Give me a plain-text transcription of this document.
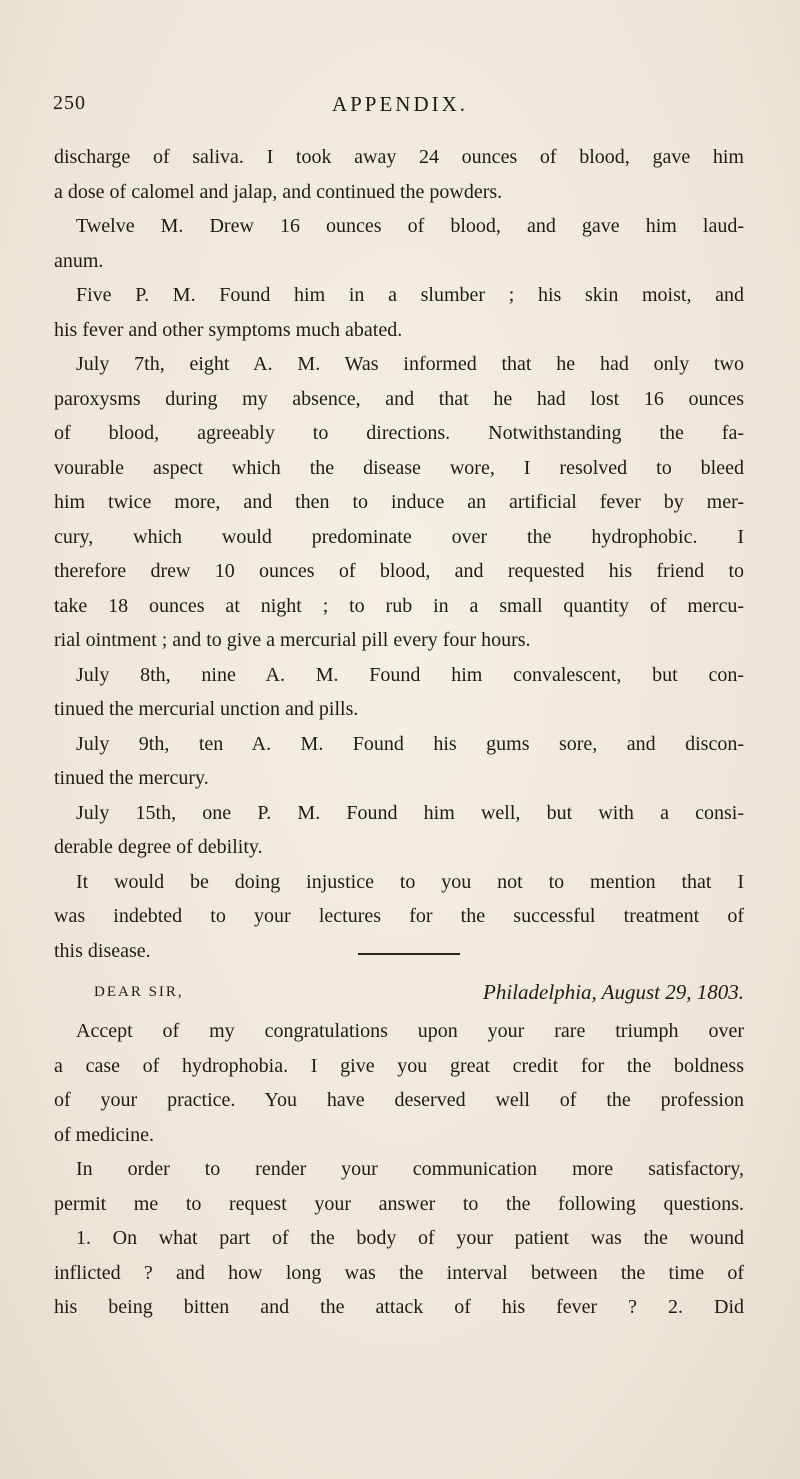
250	APPENDIX.
discharge of saliva. I took away 24 ounces of blood, gave him
a dose of calomel and jalap, and continued the powders.
Twelve M. Drew 16 ounces of blood, and gave him laud-
anum.
Five P. M. Found him in a slumber ; his skin moist, and
his fever and other symptoms much abated.
July 7th, eight A. M. Was informed that he had only two
paroxysms during my absence, and that he had lost 16 ounces
of blood, agreeably to directions. Notwithstanding the fa-
vourable aspect which the disease wore, I resolved to bleed
him twice more, and then to induce an artificial fever by mer-
cury, which would predominate over the hydrophobic. I
therefore drew 10 ounces of blood, and requested his friend to
take 18 ounces at night ; to rub in a small quantity of mercu-
rial ointment ; and to give a mercurial pill every four hours.
July 8th, nine A. M. Found him convalescent, but con-
tinued the mercurial unction and pills.
July 9th, ten A. M. Found his gums sore, and discon-
tinued the mercury.
July 15th, one P. M. Found him well, but with a consi-
derable degree of debility.
It would be doing injustice to you not to mention that I
was indebted to your lectures for the successful treatment of
this disease.
DEAR SIR,	Philadelphia, August 29, 1803.
Accept of my congratulations upon your rare triumph over
a case of hydrophobia. I give you great credit for the boldness
of your practice. You have deserved well of the profession
of medicine.
In order to render your communication more satisfactory,
permit me to request your answer to the following questions.
1. On what part of the body of your patient was the wound
inflicted ? and how long was the interval between the time of
his being bitten and the attack of his fever ? 2. Did
